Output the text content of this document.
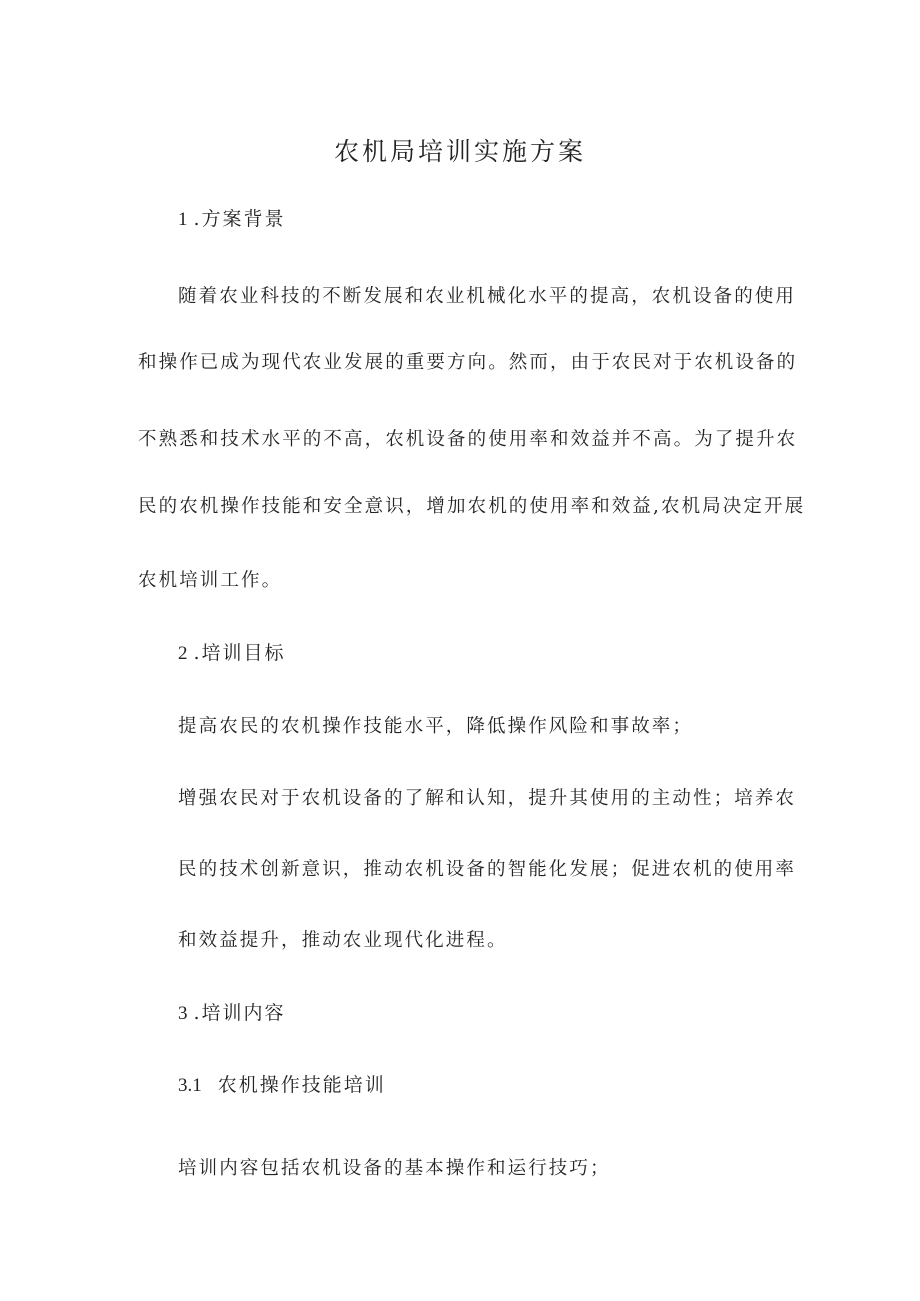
农机局培训实施方案
1 .方案背景
随着农业科技的不断发展和农业机械化水平的提高，农机设备的使用
和操作已成为现代农业发展的重要方向。然而，由于农民对于农机设备的
不熟悉和技术水平的不高，农机设备的使用率和效益并不高。为了提升农
民的农机操作技能和安全意识，增加农机的使用率和效益,农机局决定开展
农机培训工作。
2 .培训目标
提高农民的农机操作技能水平，降低操作风险和事故率；
增强农民对于农机设备的了解和认知，提升其使用的主动性；培养农
民的技术创新意识，推动农机设备的智能化发展；促进农机的使用率
和效益提升，推动农业现代化进程。
3 .培训内容
3.1 农机操作技能培训
培训内容包括农机设备的基本操作和运行技巧；
